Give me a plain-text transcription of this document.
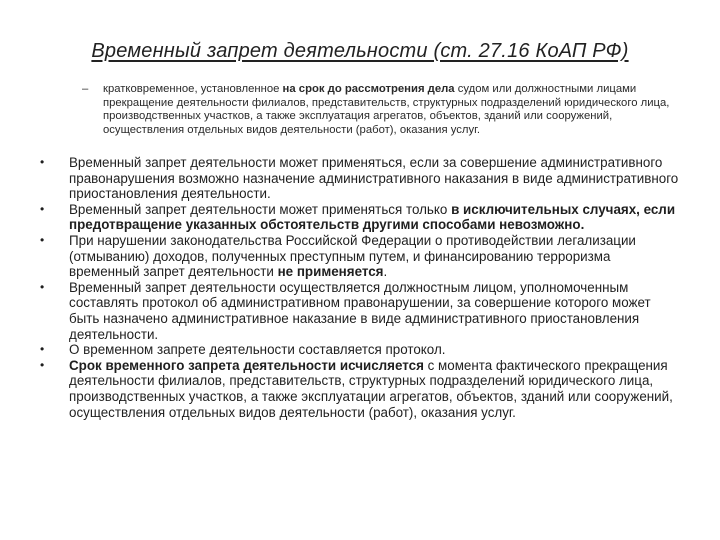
Временный запрет деятельности (ст. 27.16 КоАП РФ)
– кратковременное, установленное на срок до рассмотрения дела судом или должностными лицами прекращение деятельности филиалов, представительств, структурных подразделений юридического лица, производственных участков, а также эксплуатация агрегатов, объектов, зданий или сооружений, осуществления отдельных видов деятельности (работ), оказания услуг.
• Временный запрет деятельности может применяться, если за совершение административного правонарушения возможно назначение административного наказания в виде административного приостановления деятельности.
• Временный запрет деятельности может применяться только в исключительных случаях, если предотвращение указанных обстоятельств другими способами невозможно.
• При нарушении законодательства Российской Федерации о противодействии легализации (отмыванию) доходов, полученных преступным путем, и финансированию терроризма временный запрет деятельности не применяется.
• Временный запрет деятельности осуществляется должностным лицом, уполномоченным составлять протокол об административном правонарушении, за совершение которого может быть назначено административное наказание в виде административного приостановления деятельности.
• О временном запрете деятельности составляется протокол.
• Срок временного запрета деятельности исчисляется с момента фактического прекращения деятельности филиалов, представительств, структурных подразделений юридического лица, производственных участков, а также эксплуатации агрегатов, объектов, зданий или сооружений, осуществления отдельных видов деятельности (работ), оказания услуг.
